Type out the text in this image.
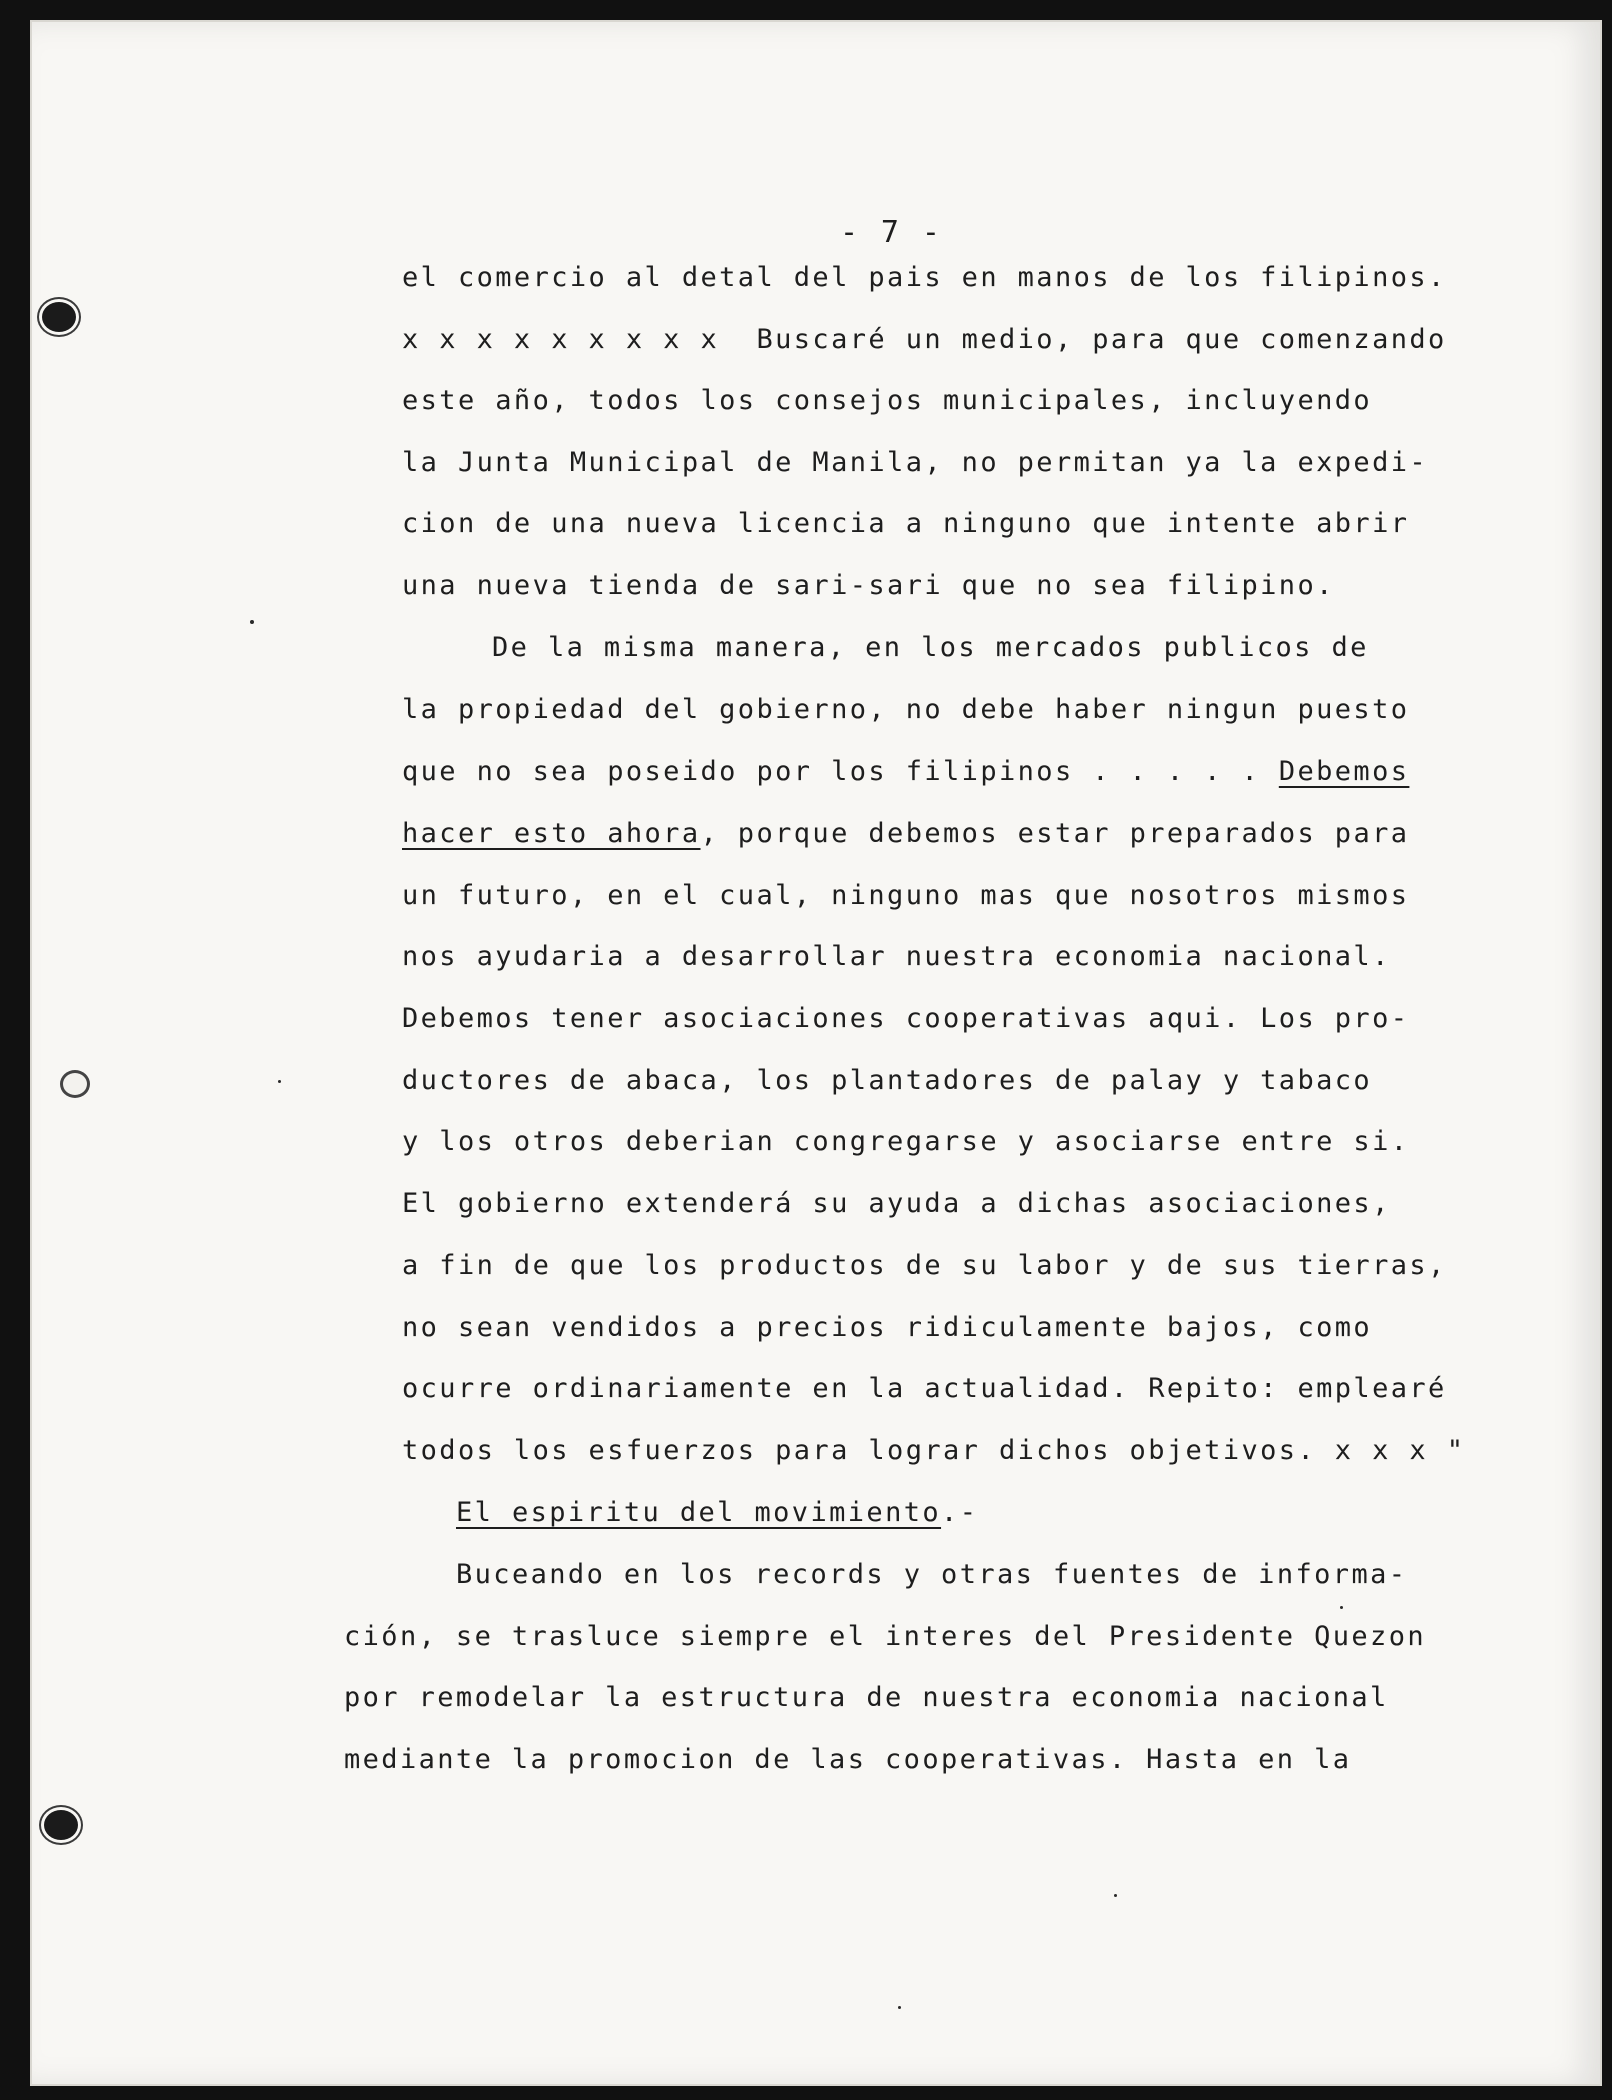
- 7 -

el comercio al detal del pais en manos de los filipinos.

x x x x x x x x x  Buscaré un medio, para que comenzando

este año, todos los consejos municipales, incluyendo

la Junta Municipal de Manila, no permitan ya la expedi-

cion de una nueva licencia a ninguno que intente abrir

una nueva tienda de sari-sari que no sea filipino.

De la misma manera, en los mercados publicos de

la propiedad del gobierno, no debe haber ningun puesto

que no sea poseido por los filipinos . . . . . Debemos

hacer esto ahora, porque debemos estar preparados para

un futuro, en el cual, ninguno mas que nosotros mismos

nos ayudaria a desarrollar nuestra economia nacional.

Debemos tener asociaciones cooperativas aqui. Los pro-

ductores de abaca, los plantadores de palay y tabaco

y los otros deberian congregarse y asociarse entre si.

El gobierno extenderá su ayuda a dichas asociaciones,

a fin de que los productos de su labor y de sus tierras,

no sean vendidos a precios ridiculamente bajos, como

ocurre ordinariamente en la actualidad. Repito: emplearé

todos los esfuerzos para lograr dichos objetivos. x x x "

El espiritu del movimiento.-

Buceando en los records y otras fuentes de informa-

ción, se trasluce siempre el interes del Presidente Quezon

por remodelar la estructura de nuestra economia nacional

mediante la promocion de las cooperativas. Hasta en la
